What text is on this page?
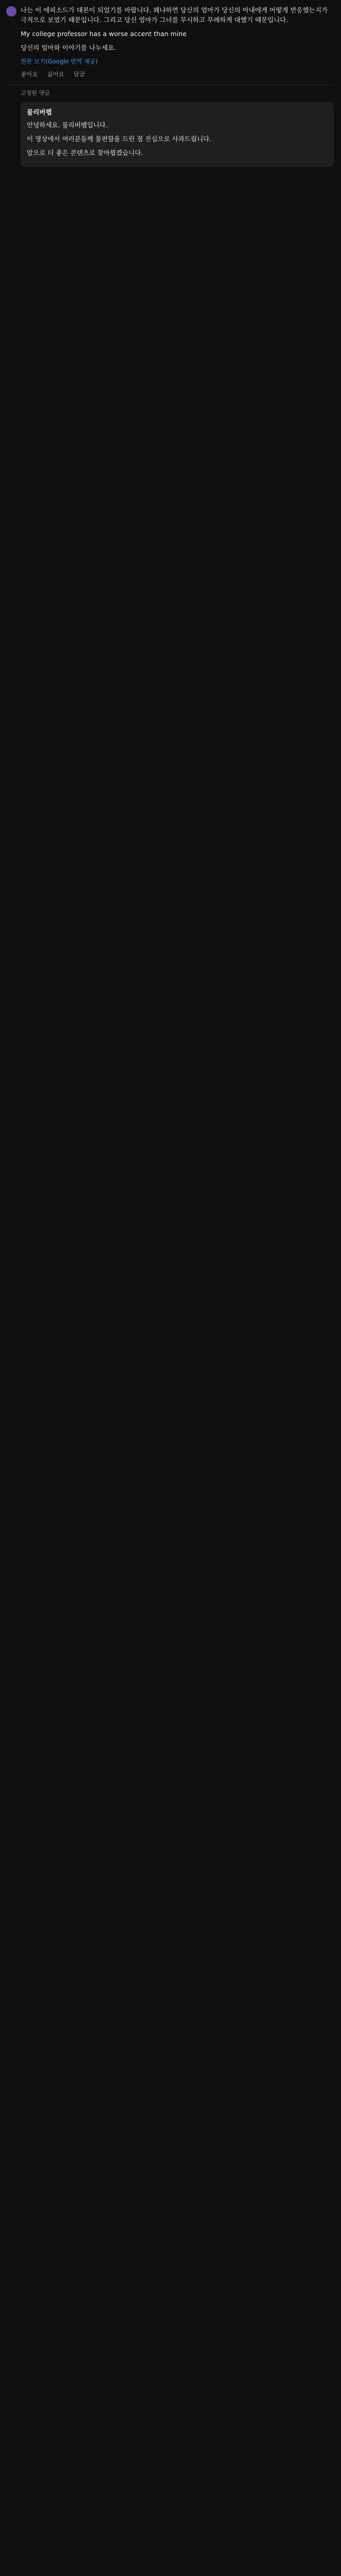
나는 이 에피소드가 대본이 되었기를 바랍니다. 왜냐하면 당신의 엄마가 당신의 아내에게 어떻게 반응했는지가 극적으로 보였기 때문입니다. 그리고 당신 엄마가 그녀를 무시하고 무례하게 대했기 때문입니다.

My college professor has a worse accent than mine

당신의 엄마와 이야기를 나누세요.

원본 보기(Google 번역 제공)
좋아요 싫어요 답글
고정된 댓글
물리버팹

안녕하세요. 물리버팹입니다.

이 영상에서 여러분들께 불편함을 드린 점 진심으로 사과드립니다.

앞으로 더 좋은 콘텐츠로 찾아뵙겠습니다.
